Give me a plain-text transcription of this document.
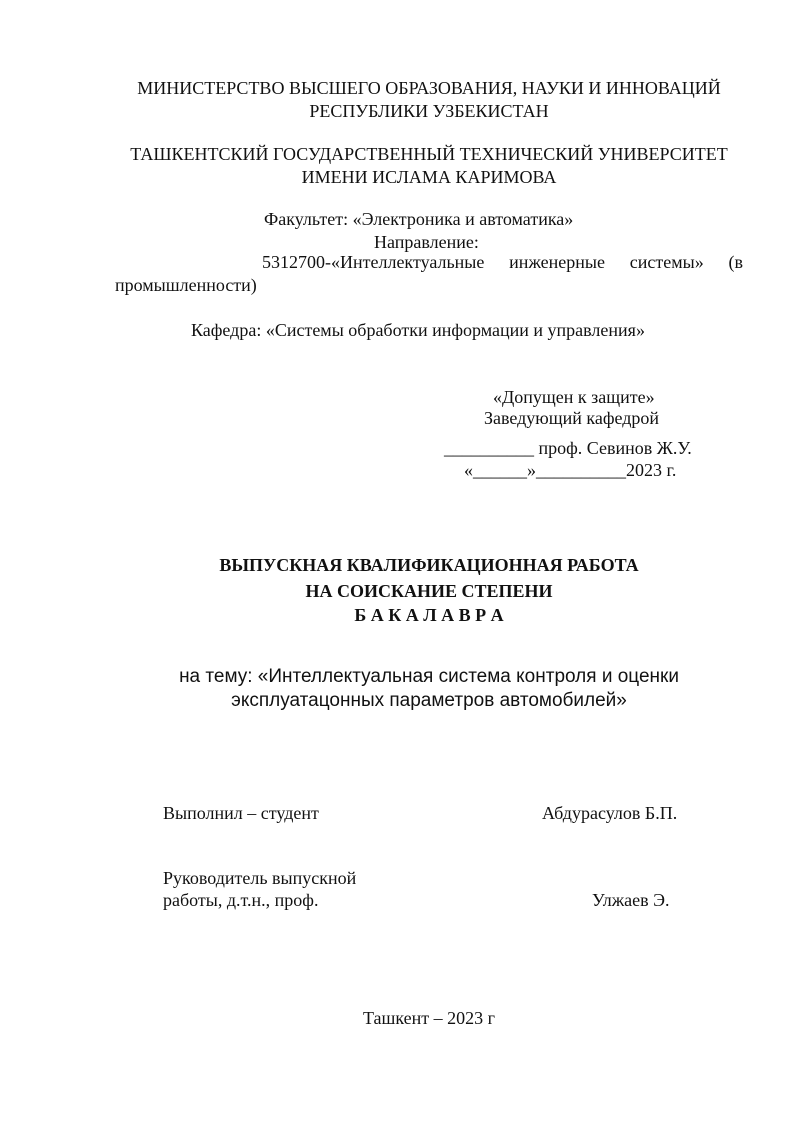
МИНИСТЕРСТВО ВЫСШЕГО ОБРАЗОВАНИЯ, НАУКИ И ИННОВАЦИЙ
РЕСПУБЛИКИ УЗБЕКИСТАН
ТАШКЕНТСКИЙ ГОСУДАРСТВЕННЫЙ ТЕХНИЧЕСКИЙ УНИВЕРСИТЕТ
ИМЕНИ ИСЛАМА КАРИМОВА
Факультет: «Электроника и автоматика»
Направление:
5312700-«Интеллектуальные инженерные системы» (в
промышленности)
Кафедра: «Системы обработки информации и управления»
«Допущен к защите»
Заведующий кафедрой
__________ проф. Севинов Ж.У.
«______»__________2023 г.
ВЫПУСКНАЯ КВАЛИФИКАЦИОННАЯ РАБОТА
НА СОИСКАНИЕ СТЕПЕНИ
Б А К А Л А В Р А
на тему: «Интеллектуальная система контроля и оценки
эксплуатацонных параметров автомобилей»
Выполнил – студент	Абдурасулов Б.П.
Руководитель выпускной
работы, д.т.н., проф.	Улжаев Э.
Ташкент – 2023 г
